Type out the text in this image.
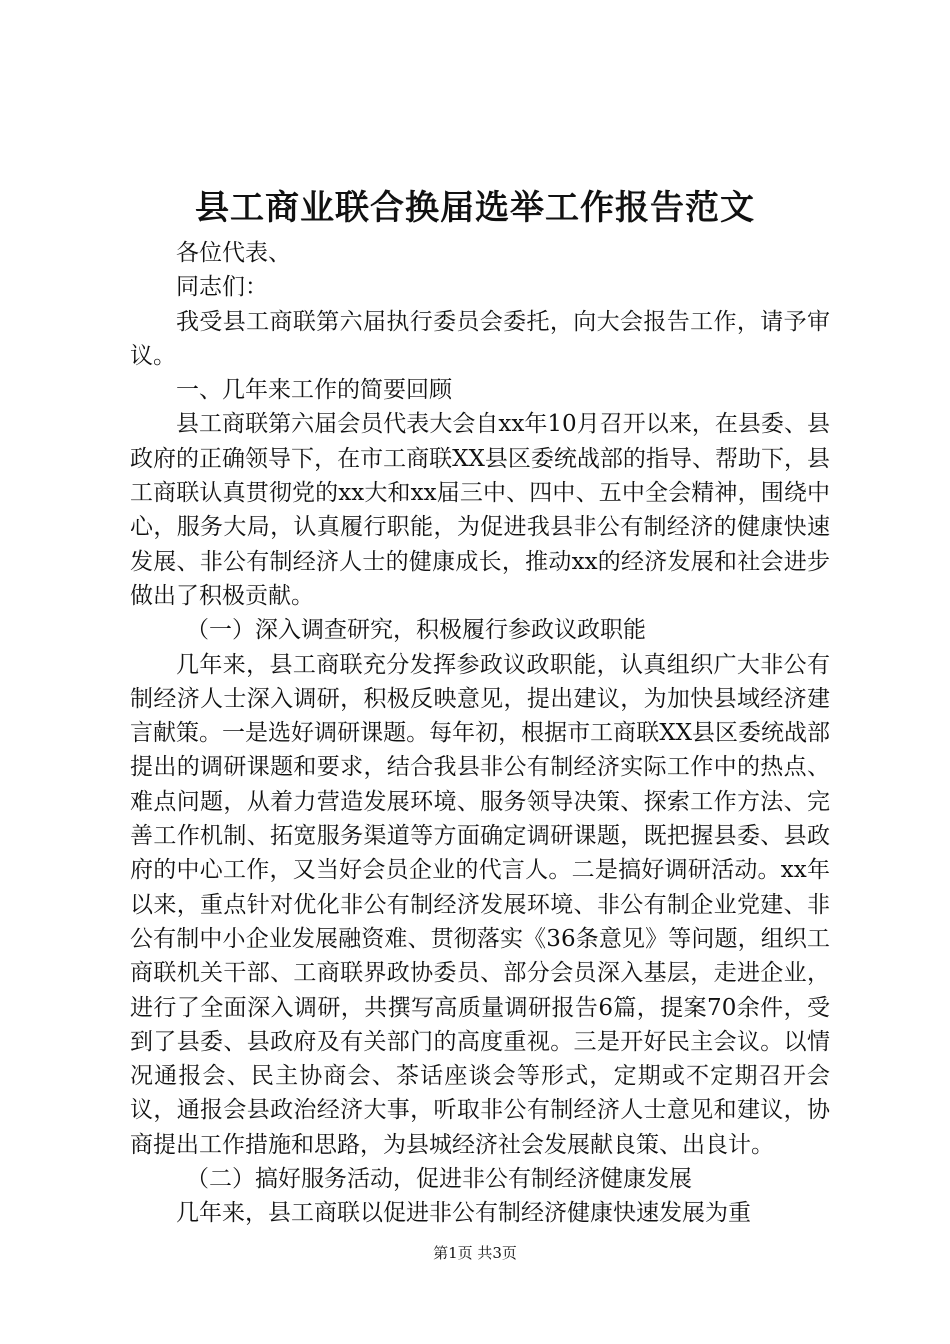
县工商业联合换届选举工作报告范文

各位代表、

同志们：

我受县工商联第六届执行委员会委托，向大会报告工作，请予审议。

一、几年来工作的简要回顾

县工商联第六届会员代表大会自xx年10月召开以来，在县委、县政府的正确领导下，在市工商联XX县区委统战部的指导、帮助下，县工商联认真贯彻党的xx大和xx届三中、四中、五中全会精神，围绕中心，服务大局，认真履行职能，为促进我县非公有制经济的健康快速发展、非公有制经济人士的健康成长，推动xx的经济发展和社会进步做出了积极贡献。

（一）深入调查研究，积极履行参政议政职能

几年来，县工商联充分发挥参政议政职能，认真组织广大非公有制经济人士深入调研，积极反映意见，提出建议，为加快县域经济建言献策。一是选好调研课题。每年初，根据市工商联XX县区委统战部提出的调研课题和要求，结合我县非公有制经济实际工作中的热点、难点问题，从着力营造发展环境、服务领导决策、探索工作方法、完善工作机制、拓宽服务渠道等方面确定调研课题，既把握县委、县政府的中心工作，又当好会员企业的代言人。二是搞好调研活动。xx年以来，重点针对优化非公有制经济发展环境、非公有制企业党建、非公有制中小企业发展融资难、贯彻落实《36条意见》等问题，组织工商联机关干部、工商联界政协委员、部分会员深入基层，走进企业，进行了全面深入调研，共撰写高质量调研报告6篇，提案70余件，受到了县委、县政府及有关部门的高度重视。三是开好民主会议。以情况通报会、民主协商会、茶话座谈会等形式，定期或不定期召开会议，通报会县政治经济大事，听取非公有制经济人士意见和建议，协商提出工作措施和思路，为县城经济社会发展献良策、出良计。

（二）搞好服务活动，促进非公有制经济健康发展

几年来，县工商联以促进非公有制经济健康快速发展为重

第1页 共3页
